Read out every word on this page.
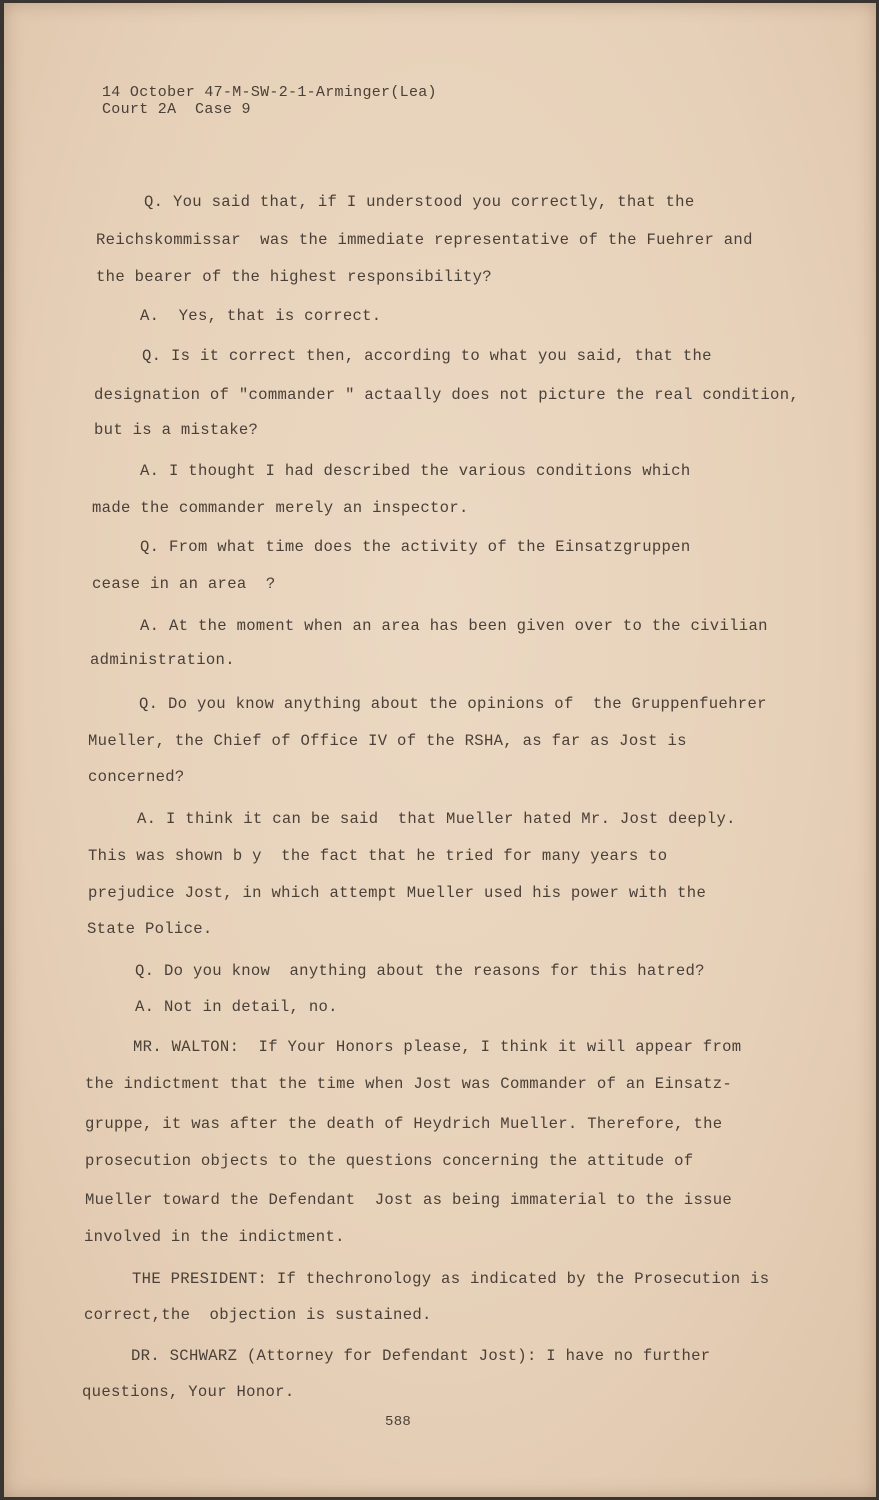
14 October 47-M-SW-2-1-Arminger(Lea)
Court 2A  Case 9
Q. You said that, if I understood you correctly, that the
Reichskommissar  was the immediate representative of the Fuehrer and
the bearer of the highest responsibility?
A.  Yes, that is correct.
Q. Is it correct then, according to what you said, that the
designation of "commander " actaally does not picture the real condition,
but is a mistake?
A. I thought I had described the various conditions which
made the commander merely an inspector.
Q. From what time does the activity of the Einsatzgruppen
cease in an area  ?
A. At the moment when an area has been given over to the civilian
administration.
Q. Do you know anything about the opinions of  the Gruppenfuehrer
Mueller, the Chief of Office IV of the RSHA, as far as Jost is
concerned?
A. I think it can be said  that Mueller hated Mr. Jost deeply.
This was shown b y  the fact that he tried for many years to
prejudice Jost, in which attempt Mueller used his power with the
State Police.
Q. Do you know  anything about the reasons for this hatred?
A. Not in detail, no.
MR. WALTON:  If Your Honors please, I think it will appear from
the indictment that the time when Jost was Commander of an Einsatz-
gruppe, it was after the death of Heydrich Mueller. Therefore, the
prosecution objects to the questions concerning the attitude of
Mueller toward the Defendant  Jost as being immaterial to the issue
involved in the indictment.
THE PRESIDENT: If thechronology as indicated by the Prosecution is
correct,the  objection is sustained.
DR. SCHWARZ (Attorney for Defendant Jost): I have no further
questions, Your Honor.
588
